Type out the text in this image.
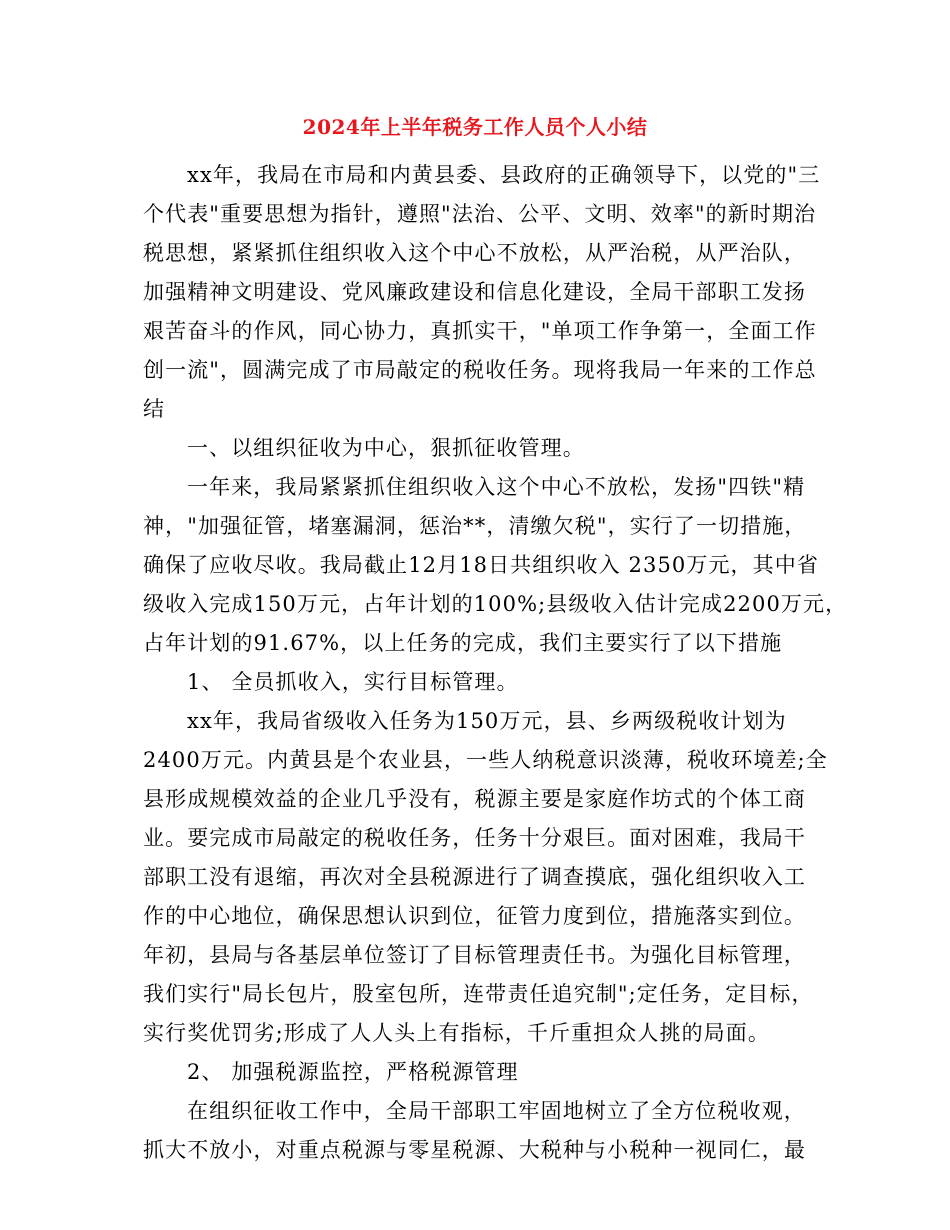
2024年上半年税务工作人员个人小结
xx年，我局在市局和内黄县委、县政府的正确领导下，以党的"三
个代表"重要思想为指针，遵照"法治、公平、文明、效率"的新时期治
税思想，紧紧抓住组织收入这个中心不放松，从严治税，从严治队，
加强精神文明建设、党风廉政建设和信息化建设，全局干部职工发扬
艰苦奋斗的作风，同心协力，真抓实干，"单项工作争第一，全面工作
创一流"，圆满完成了市局敲定的税收任务。现将我局一年来的工作总
结
一、以组织征收为中心，狠抓征收管理。
一年来，我局紧紧抓住组织收入这个中心不放松，发扬"四铁"精
神，"加强征管，堵塞漏洞，惩治**，清缴欠税"，实行了一切措施，
确保了应收尽收。我局截止12月18日共组织收入 2350万元，其中省
级收入完成150万元，占年计划的100%;县级收入估计完成2200万元，
占年计划的91.67%，以上任务的完成，我们主要实行了以下措施
1、 全员抓收入，实行目标管理。
xx年，我局省级收入任务为150万元，县、乡两级税收计划为
2400万元。内黄县是个农业县，一些人纳税意识淡薄，税收环境差;全
县形成规模效益的企业几乎没有，税源主要是家庭作坊式的个体工商
业。要完成市局敲定的税收任务，任务十分艰巨。面对困难，我局干
部职工没有退缩，再次对全县税源进行了调查摸底，强化组织收入工
作的中心地位，确保思想认识到位，征管力度到位，措施落实到位。
年初，县局与各基层单位签订了目标管理责任书。为强化目标管理，
我们实行"局长包片，股室包所，连带责任追究制";定任务，定目标，
实行奖优罚劣;形成了人人头上有指标，千斤重担众人挑的局面。
2、 加强税源监控，严格税源管理
在组织征收工作中，全局干部职工牢固地树立了全方位税收观，
抓大不放小，对重点税源与零星税源、大税种与小税种一视同仁，最
